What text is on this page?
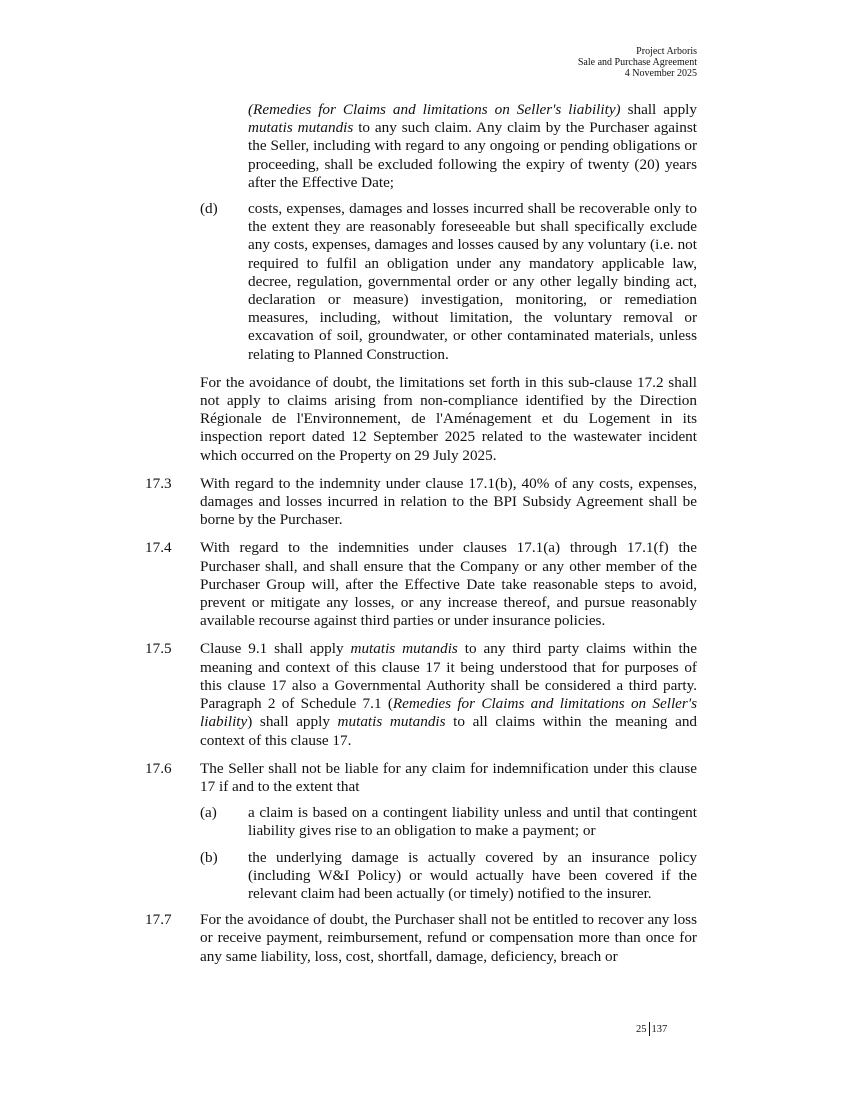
Project Arboris
Sale and Purchase Agreement
4 November 2025

(Remedies for Claims and limitations on Seller's liability) shall apply mutatis mutandis to any such claim. Any claim by the Purchaser against the Seller, including with regard to any ongoing or pending obligations or proceeding, shall be excluded following the expiry of twenty (20) years after the Effective Date;

(d)	costs, expenses, damages and losses incurred shall be recoverable only to the extent they are reasonably foreseeable but shall specifically exclude any costs, expenses, damages and losses caused by any voluntary (i.e. not required to fulfil an obligation under any mandatory applicable law, decree, regulation, governmental order or any other legally binding act, declaration or measure) investigation, monitoring, or remediation measures, including, without limitation, the voluntary removal or excavation of soil, groundwater, or other contaminated materials, unless relating to Planned Construction.

For the avoidance of doubt, the limitations set forth in this sub-clause 17.2 shall not apply to claims arising from non-compliance identified by the Direction Régionale de l'Environnement, de l'Aménagement et du Logement in its inspection report dated 12 September 2025 related to the wastewater incident which occurred on the Property on 29 July 2025.

17.3	With regard to the indemnity under clause 17.1(b), 40% of any costs, expenses, damages and losses incurred in relation to the BPI Subsidy Agreement shall be borne by the Purchaser.
17.4	With regard to the indemnities under clauses 17.1(a) through 17.1(f) the Purchaser shall, and shall ensure that the Company or any other member of the Purchaser Group will, after the Effective Date take reasonable steps to avoid, prevent or mitigate any losses, or any increase thereof, and pursue reasonably available recourse against third parties or under insurance policies.
17.5	Clause 9.1 shall apply mutatis mutandis to any third party claims within the meaning and context of this clause 17 it being understood that for purposes of this clause 17 also a Governmental Authority shall be considered a third party. Paragraph 2 of Schedule 7.1 (Remedies for Claims and limitations on Seller's liability) shall apply mutatis mutandis to all claims within the meaning and context of this clause 17.
17.6	The Seller shall not be liable for any claim for indemnification under this clause 17 if and to the extent that
(a)	a claim is based on a contingent liability unless and until that contingent liability gives rise to an obligation to make a payment; or
(b)	the underlying damage is actually covered by an insurance policy (including W&I Policy) or would actually have been covered if the relevant claim had been actually (or timely) notified to the insurer.
17.7	For the avoidance of doubt, the Purchaser shall not be entitled to recover any loss or receive payment, reimbursement, refund or compensation more than once for any same liability, loss, cost, shortfall, damage, deficiency, breach or
25 137
